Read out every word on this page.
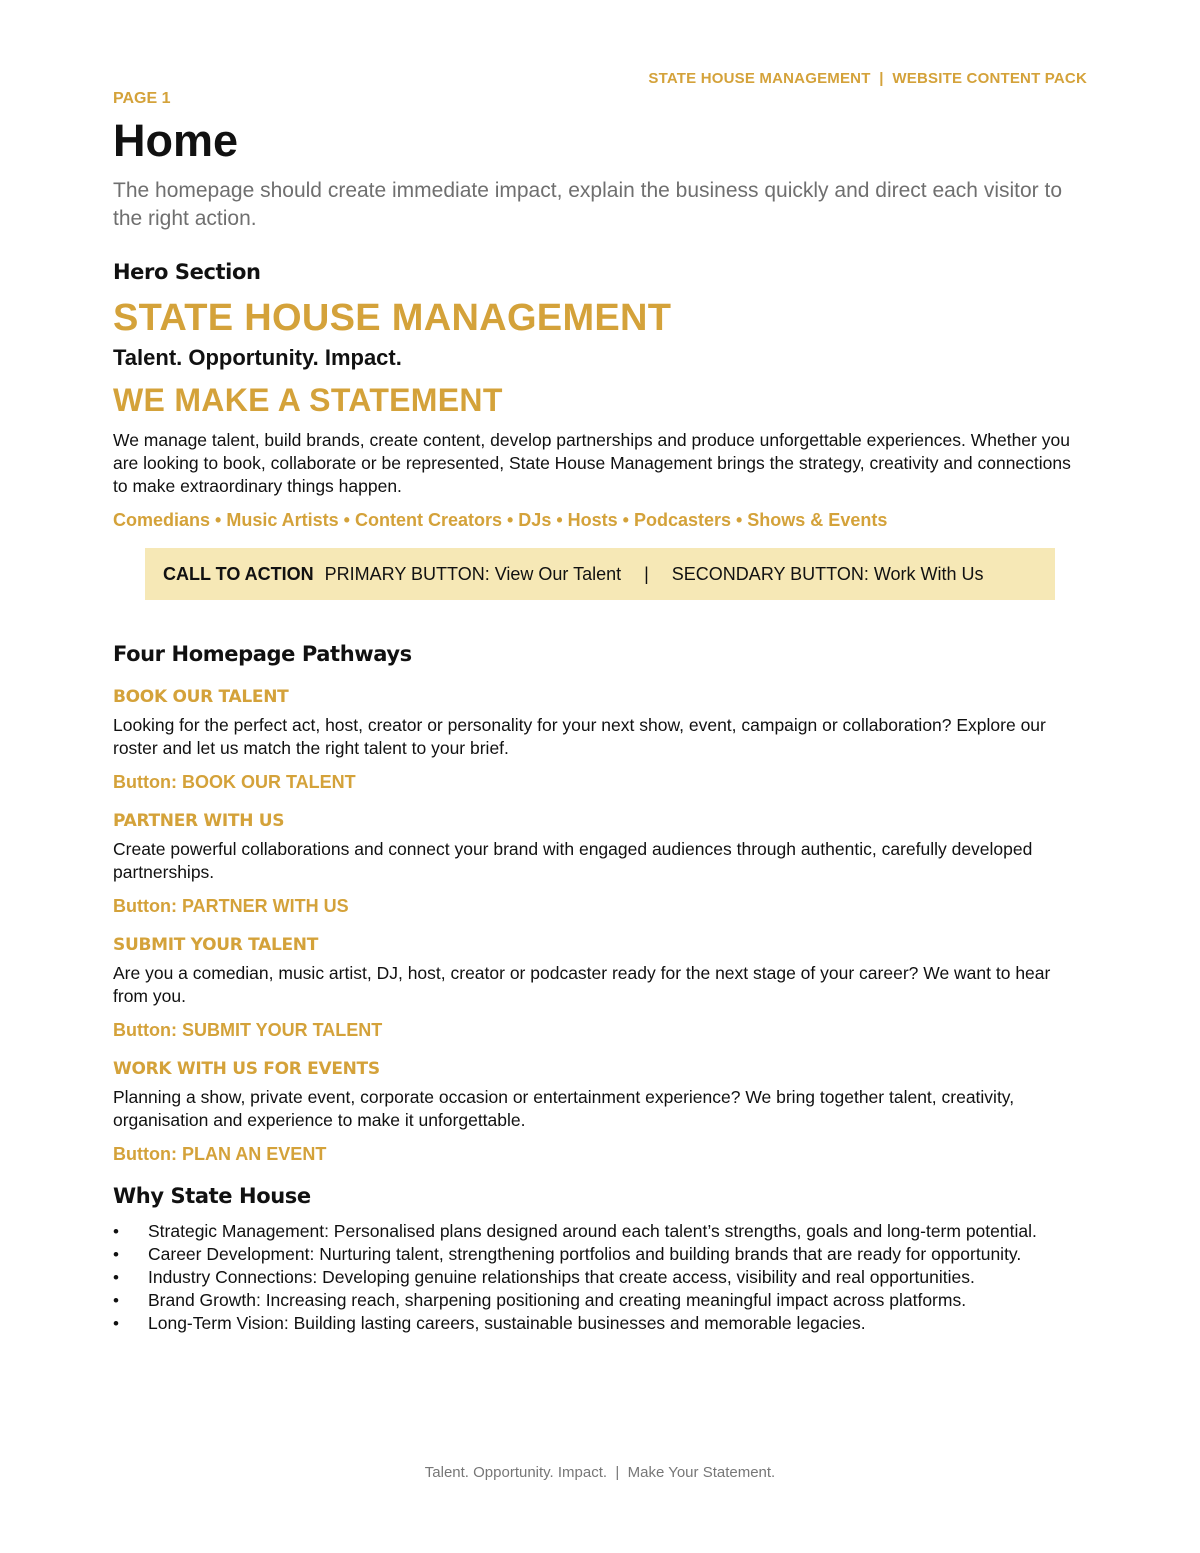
STATE HOUSE MANAGEMENT  |  WEBSITE CONTENT PACK
PAGE 1
Home

The homepage should create immediate impact, explain the business quickly and direct each visitor to the right action.

Hero Section
STATE HOUSE MANAGEMENT
Talent. Opportunity. Impact.
WE MAKE A STATEMENT

We manage talent, build brands, create content, develop partnerships and produce unforgettable experiences. Whether you are looking to book, collaborate or be represented, State House Management brings the strategy, creativity and connections to make extraordinary things happen.

Comedians • Music Artists • Content Creators • DJs • Hosts • Podcasters • Shows & Events
CALL TO ACTION PRIMARY BUTTON: View Our Talent | SECONDARY BUTTON: Work With Us
Four Homepage Pathways
BOOK OUR TALENT

Looking for the perfect act, host, creator or personality for your next show, event, campaign or collaboration? Explore our roster and let us match the right talent to your brief.

Button: BOOK OUR TALENT
PARTNER WITH US

Create powerful collaborations and connect your brand with engaged audiences through authentic, carefully developed partnerships.

Button: PARTNER WITH US
SUBMIT YOUR TALENT

Are you a comedian, music artist, DJ, host, creator or podcaster ready for the next stage of your career? We want to hear from you.

Button: SUBMIT YOUR TALENT
WORK WITH US FOR EVENTS

Planning a show, private event, corporate occasion or entertainment experience? We bring together talent, creativity, organisation and experience to make it unforgettable.

Button: PLAN AN EVENT
Why State House
• Strategic Management: Personalised plans designed around each talent’s strengths, goals and long-term potential.
• Career Development: Nurturing talent, strengthening portfolios and building brands that are ready for opportunity.
• Industry Connections: Developing genuine relationships that create access, visibility and real opportunities.
• Brand Growth: Increasing reach, sharpening positioning and creating meaningful impact across platforms.
• Long-Term Vision: Building lasting careers, sustainable businesses and memorable legacies.
Talent. Opportunity. Impact.  |  Make Your Statement.
